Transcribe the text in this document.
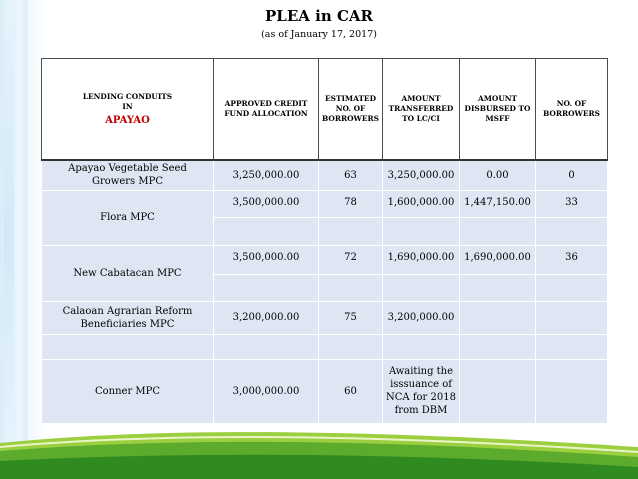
PLEA in CAR
(as of January 17, 2017)
LENDING CONDUITS
IN
APAYAO	APPROVED CREDIT FUND ALLOCATION	ESTIMATED NO. OF BORROWERS	AMOUNT TRANSFERRED TO LC/CI	AMOUNT DISBURSED TO MSFF	NO. OF BORROWERS
Apayao Vegetable Seed Growers MPC	3,250,000.00	63	3,250,000.00	0.00	0
Flora MPC	3,500,000.00	78	1,600,000.00	1,447,150.00	33

New Cabatacan MPC	3,500,000.00	72	1,690,000.00	1,690,000.00	36

Calaoan Agrarian Reform Beneficiaries MPC	3,200,000.00	75	3,200,000.00		

Conner MPC	3,000,000.00	60	Awaiting the isssuance of NCA for 2018 from DBM		
